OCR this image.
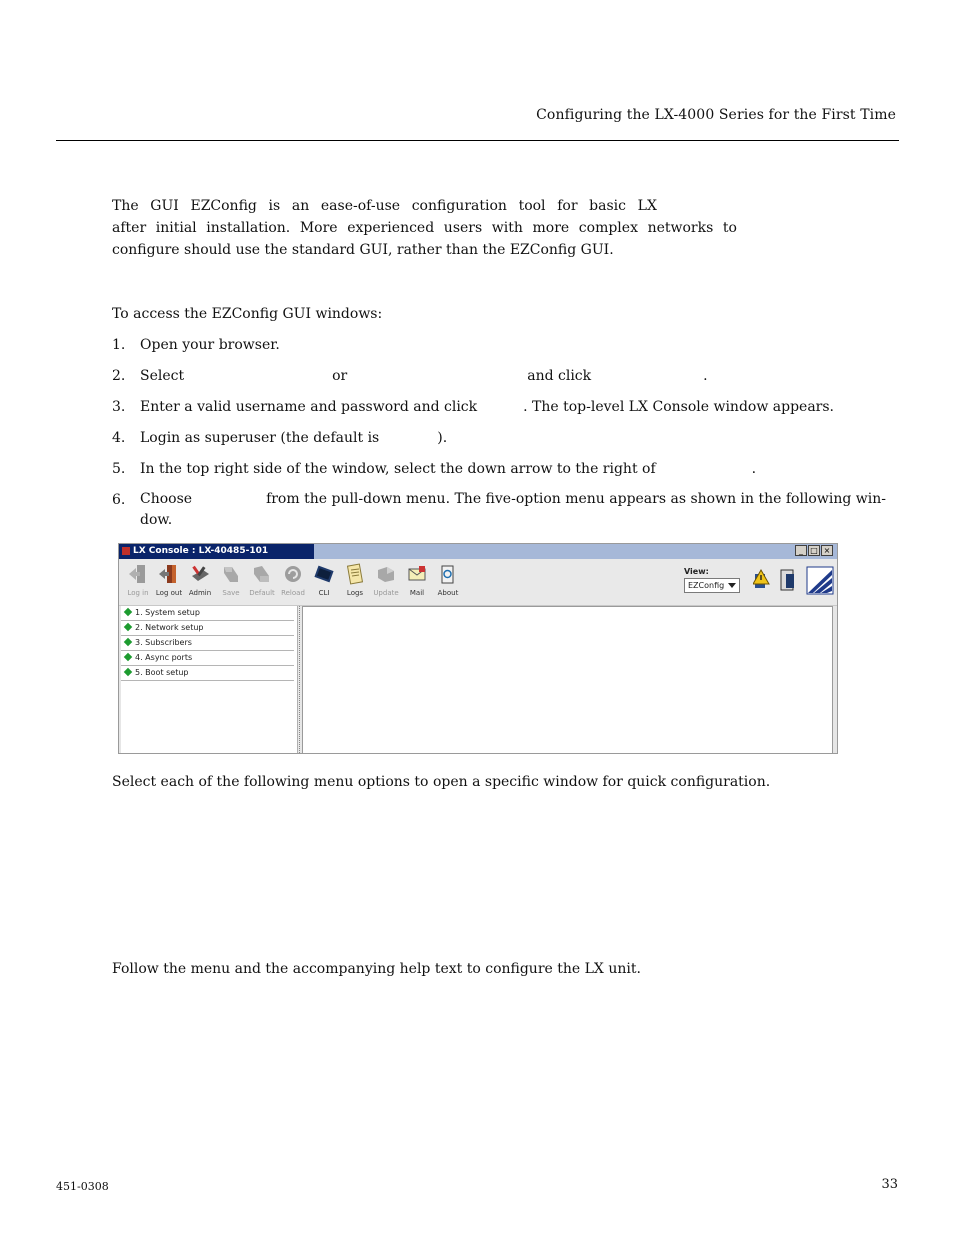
Configuring the LX-4000 Series for the First Time
The GUI EZConfig is an ease-of-use configuration tool for basic LX
after initial installation. More experienced users with more complex networks to
configure should use the standard GUI, rather than the EZConfig GUI.
To access the EZConfig GUI windows:
1.	Open your browser.
2.	Select	or	and click	.
3.	Enter a valid username and password and click	. The top-level LX Console window appears.
4.	Login as superuser (the default is	).
5.	In the top right side of the window, select the down arrow to the right of	.
6.	Choose	from the pull-down menu. The five-option menu appears as shown in the following win-dow.
LX Console : LX-40485-101	_ □ ×
Log in	Log out Admin	Save	Default Reload	CLI	Logs	Update	Mail	About
View:
EZConfig
1. System setup
2. Network setup
3. Subscribers
4. Async ports
5. Boot setup
Select each of the following menu options to open a specific window for quick configuration.
Follow the menu and the accompanying help text to configure the LX unit.
451-0308	33
